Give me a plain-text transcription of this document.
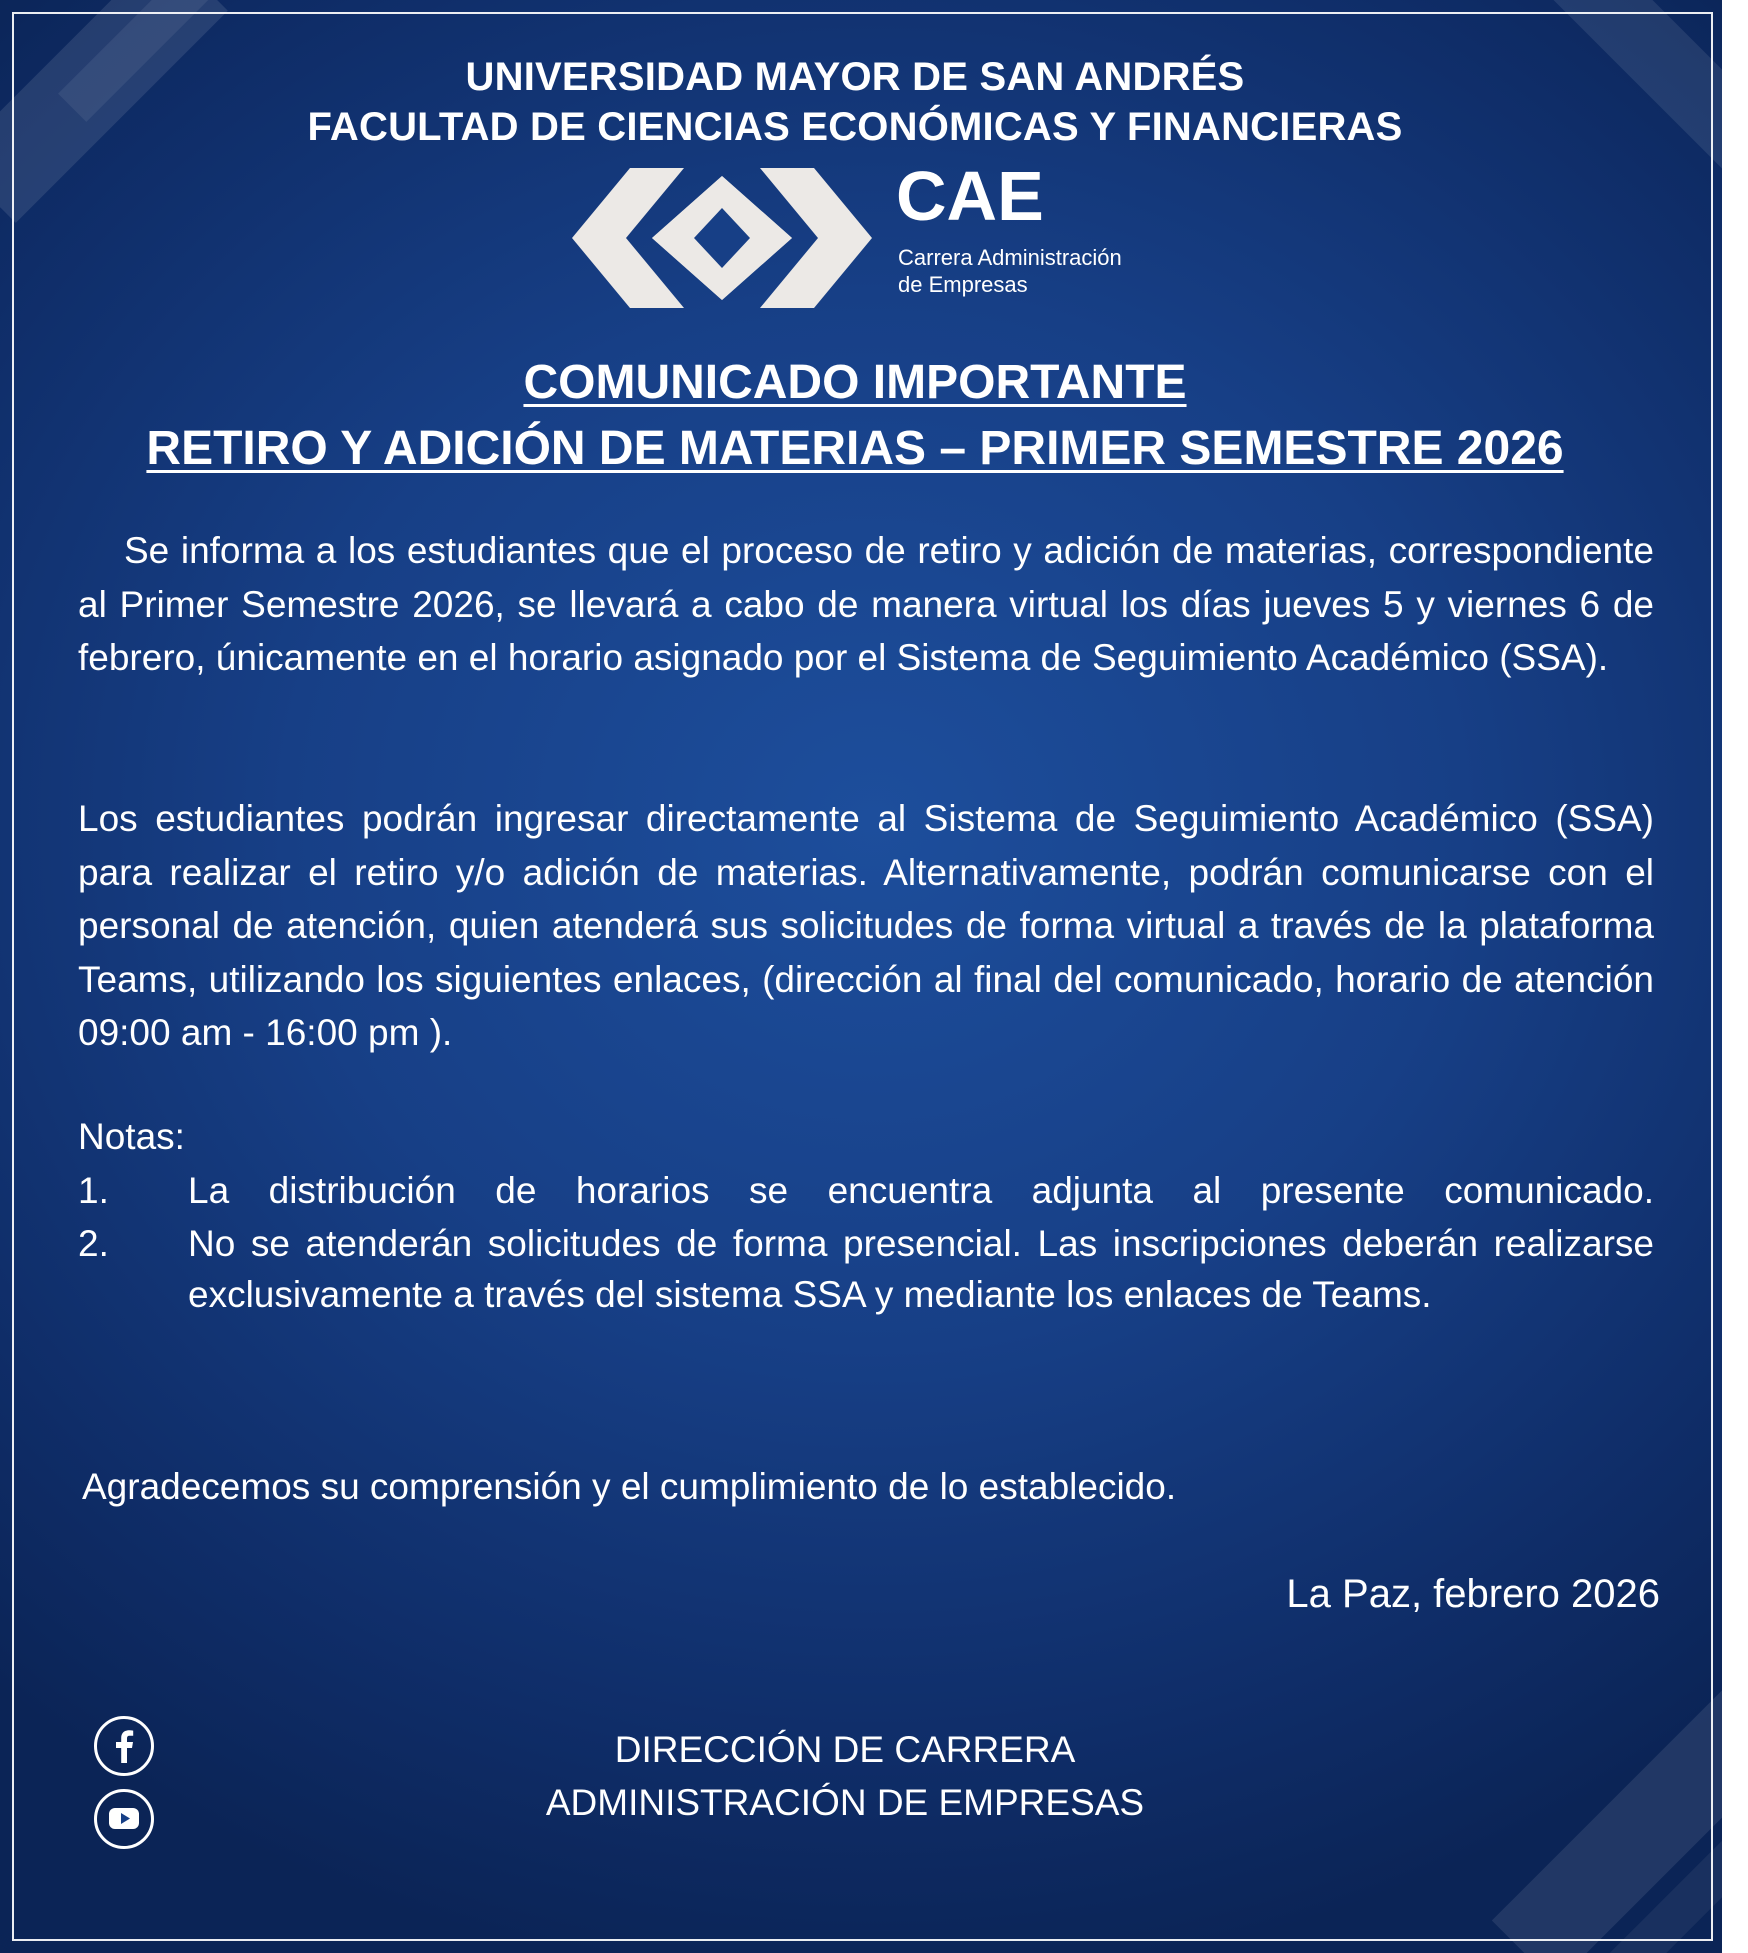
UNIVERSIDAD MAYOR DE SAN ANDRÉS
FACULTAD DE CIENCIAS ECONÓMICAS Y FINANCIERAS
CAE
Carrera Administración
de Empresas
COMUNICADO IMPORTANTE
RETIRO Y ADICIÓN DE MATERIAS – PRIMER SEMESTRE 2026
Se informa a los estudiantes que el proceso de retiro y adición de materias, correspondiente al Primer Semestre 2026, se llevará a cabo de manera virtual los días jueves 5 y viernes 6 de febrero, únicamente en el horario asignado por el Sistema de Seguimiento Académico (SSA).
Los estudiantes podrán ingresar directamente al Sistema de Seguimiento Académico (SSA) para realizar el retiro y/o adición de materias. Alternativamente, podrán comunicarse con el personal de atención, quien atenderá sus solicitudes de forma virtual a través de la plataforma Teams, utilizando los siguientes enlaces, (dirección al final del comunicado, horario de atención 09:00 am - 16:00 pm ).
Notas:
1.	La distribución de horarios se encuentra adjunta al presente comunicado.
2.	No se atenderán solicitudes de forma presencial. Las inscripciones deberán realizarse exclusivamente a través del sistema SSA y mediante los enlaces de Teams.
Agradecemos su comprensión y el cumplimiento de lo establecido.
La Paz, febrero 2026
DIRECCIÓN DE CARRERA
ADMINISTRACIÓN DE EMPRESAS
